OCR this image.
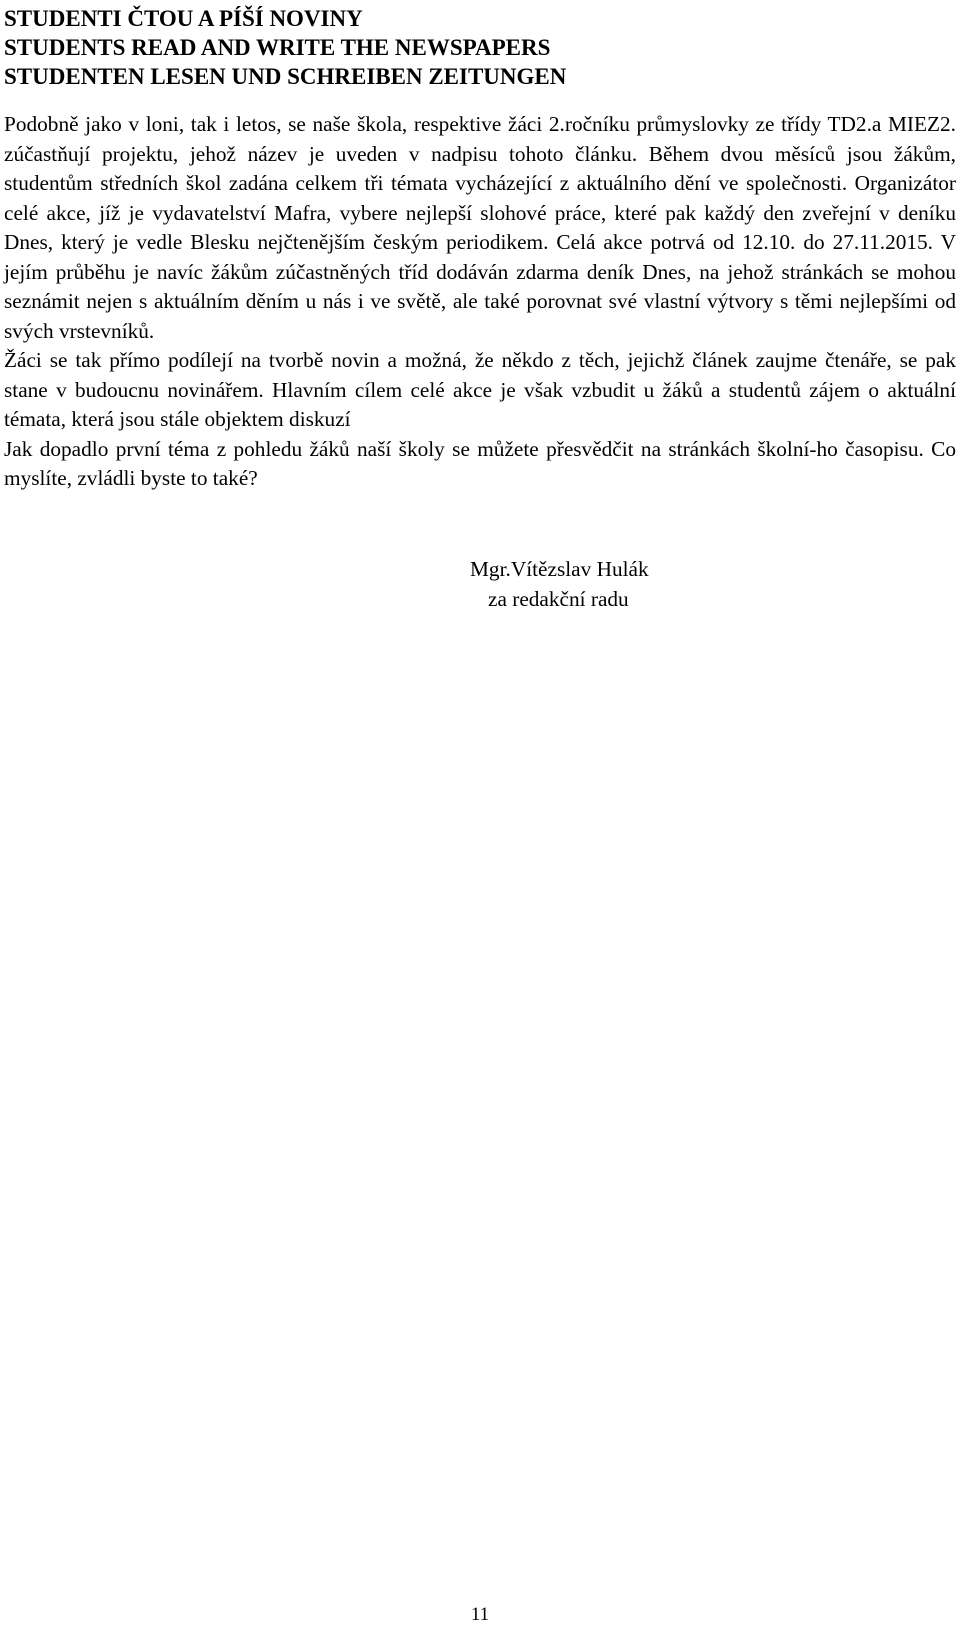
STUDENTI ČTOU A PÍŠÍ NOVINY
STUDENTS READ AND WRITE THE NEWSPAPERS
STUDENTEN LESEN UND SCHREIBEN ZEITUNGEN

Podobně jako v loni, tak i letos, se naše škola, respektive žáci 2.ročníku průmyslovky ze třídy TD2.a MIEZ2. zúčastňují projektu, jehož název je uveden v nadpisu tohoto článku. Během dvou měsíců jsou žákům, studentům středních škol zadána celkem tři témata vycházející z aktuálního dění ve společnosti. Organizátor celé akce, jíž je vydavatelství Mafra, vybere nejlepší slohové práce, které pak každý den zveřejní v deníku Dnes, který je vedle Blesku nejčtenějším českým periodikem. Celá akce potrvá od 12.10. do 27.11.2015. V jejím průběhu je navíc žákům zúčastněných tříd dodáván zdarma deník Dnes, na jehož stránkách se mohou seznámit nejen s aktuálním děním u nás i ve světě, ale také porovnat své vlastní výtvory s těmi nejlepšími od svých vrstevníků.

Žáci se tak přímo podílejí na tvorbě novin a možná, že někdo z těch, jejichž článek zaujme čtenáře, se pak stane v budoucnu novinářem. Hlavním cílem celé akce je však vzbudit u žáků a studentů zájem o aktuální témata, která jsou stále objektem diskuzí

Jak dopadlo první téma z pohledu žáků naší školy se můžete přesvědčit na stránkách školní-ho časopisu. Co myslíte, zvládli byste to také?

Mgr.Vítězslav Hulák
za redakční radu
11
